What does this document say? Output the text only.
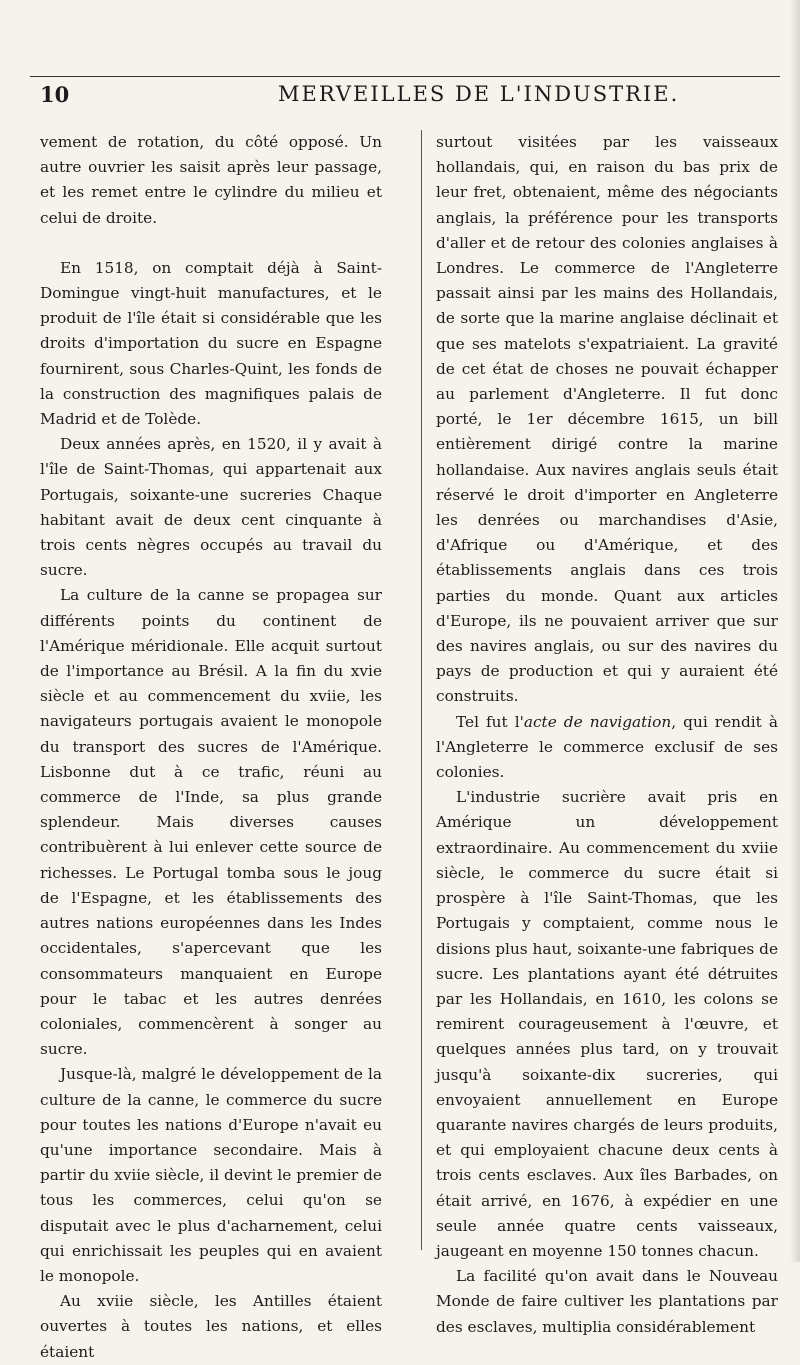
10	MERVEILLES DE L'INDUSTRIE.

vement de rotation, du côté opposé. Un autre ouvrier les saisit après leur passage, et les remet entre le cylindre du milieu et celui de droite.

En 1518, on comptait déjà à Saint-Domingue vingt-huit manufactures, et le produit de l'île était si considérable que les droits d'importation du sucre en Espagne fournirent, sous Charles-Quint, les fonds de la construction des magnifiques palais de Madrid et de Tolède.

Deux années après, en 1520, il y avait à l'île de Saint-Thomas, qui appartenait aux Portugais, soixante-une sucreries Chaque habitant avait de deux cent cinquante à trois cents nègres occupés au travail du sucre.

La culture de la canne se propagea sur différents points du continent de l'Amérique méridionale. Elle acquit surtout de l'importance au Brésil. A la fin du xvie siècle et au commencement du xviie, les navigateurs portugais avaient le monopole du transport des sucres de l'Amérique. Lisbonne dut à ce trafic, réuni au commerce de l'Inde, sa plus grande splendeur. Mais diverses causes contribuèrent à lui enlever cette source de richesses. Le Portugal tomba sous le joug de l'Espagne, et les établissements des autres nations européennes dans les Indes occidentales, s'apercevant que les consommateurs manquaient en Europe pour le tabac et les autres denrées coloniales, commencèrent à songer au sucre.

Jusque-là, malgré le développement de la culture de la canne, le commerce du sucre pour toutes les nations d'Europe n'avait eu qu'une importance secondaire. Mais à partir du xviie siècle, il devint le premier de tous les commerces, celui qu'on se disputait avec le plus d'acharnement, celui qui enrichissait les peuples qui en avaient le monopole.

Au xviie siècle, les Antilles étaient ouvertes à toutes les nations, et elles étaient

surtout visitées par les vaisseaux hollandais, qui, en raison du bas prix de leur fret, obtenaient, même des négociants anglais, la préférence pour les transports d'aller et de retour des colonies anglaises à Londres. Le commerce de l'Angleterre passait ainsi par les mains des Hollandais, de sorte que la marine anglaise déclinait et que ses matelots s'expatriaient. La gravité de cet état de choses ne pouvait échapper au parlement d'Angleterre. Il fut donc porté, le 1er décembre 1615, un bill entièrement dirigé contre la marine hollandaise. Aux navires anglais seuls était réservé le droit d'importer en Angleterre les denrées ou marchandises d'Asie, d'Afrique ou d'Amérique, et des établissements anglais dans ces trois parties du monde. Quant aux articles d'Europe, ils ne pouvaient arriver que sur des navires anglais, ou sur des navires du pays de production et qui y auraient été construits.

Tel fut l'acte de navigation, qui rendit à l'Angleterre le commerce exclusif de ses colonies.

L'industrie sucrière avait pris en Amérique un développement extraordinaire. Au commencement du xviie siècle, le commerce du sucre était si prospère à l'île Saint-Thomas, que les Portugais y comptaient, comme nous le disions plus haut, soixante-une fabriques de sucre. Les plantations ayant été détruites par les Hollandais, en 1610, les colons se remirent courageusement à l'œuvre, et quelques années plus tard, on y trouvait jusqu'à soixante-dix sucreries, qui envoyaient annuellement en Europe quarante navires chargés de leurs produits, et qui employaient chacune deux cents à trois cents esclaves. Aux îles Barbades, on était arrivé, en 1676, à expédier en une seule année quatre cents vaisseaux, jaugeant en moyenne 150 tonnes chacun.

La facilité qu'on avait dans le Nouveau Monde de faire cultiver les plantations par des esclaves, multiplia considérablement
